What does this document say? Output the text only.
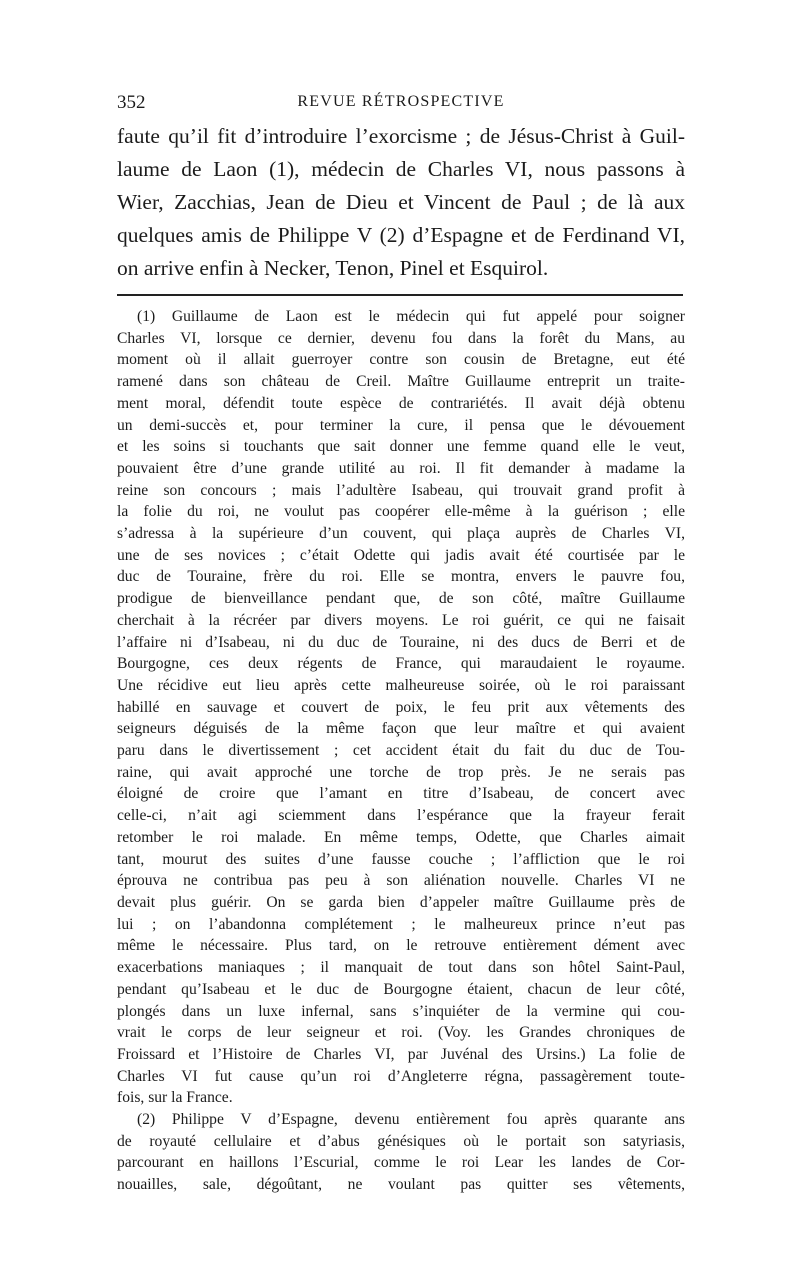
352	REVUE RÉTROSPECTIVE

faute qu’il fit d’introduire l’exorcisme ; de Jésus-Christ à Guil-
laume de Laon (1), médecin de Charles VI, nous passons à
Wier, Zacchias, Jean de Dieu et Vincent de Paul ; de là aux
quelques amis de Philippe V (2) d’Espagne et de Ferdinand VI,
on arrive enfin à Necker, Tenon, Pinel et Esquirol.

(1) Guillaume de Laon est le médecin qui fut appelé pour soigner
Charles VI, lorsque ce dernier, devenu fou dans la forêt du Mans, au
moment où il allait guerroyer contre son cousin de Bretagne, eut été
ramené dans son château de Creil. Maître Guillaume entreprit un traite-
ment moral, défendit toute espèce de contrariétés. Il avait déjà obtenu
un demi-succès et, pour terminer la cure, il pensa que le dévouement
et les soins si touchants que sait donner une femme quand elle le veut,
pouvaient être d’une grande utilité au roi. Il fit demander à madame la
reine son concours ; mais l’adultère Isabeau, qui trouvait grand profit à
la folie du roi, ne voulut pas coopérer elle-même à la guérison ; elle
s’adressa à la supérieure d’un couvent, qui plaça auprès de Charles VI,
une de ses novices ; c’était Odette qui jadis avait été courtisée par le
duc de Touraine, frère du roi. Elle se montra, envers le pauvre fou,
prodigue de bienveillance pendant que, de son côté, maître Guillaume
cherchait à la récréer par divers moyens. Le roi guérit, ce qui ne faisait
l’affaire ni d’Isabeau, ni du duc de Touraine, ni des ducs de Berri et de
Bourgogne, ces deux régents de France, qui maraudaient le royaume.
Une récidive eut lieu après cette malheureuse soirée, où le roi paraissant
habillé en sauvage et couvert de poix, le feu prit aux vêtements des
seigneurs déguisés de la même façon que leur maître et qui avaient
paru dans le divertissement ; cet accident était du fait du duc de Tou-
raine, qui avait approché une torche de trop près. Je ne serais pas
éloigné de croire que l’amant en titre d’Isabeau, de concert avec
celle-ci, n’ait agi sciemment dans l’espérance que la frayeur ferait
retomber le roi malade. En même temps, Odette, que Charles aimait
tant, mourut des suites d’une fausse couche ; l’affliction que le roi
éprouva ne contribua pas peu à son aliénation nouvelle. Charles VI ne
devait plus guérir. On se garda bien d’appeler maître Guillaume près de
lui ; on l’abandonna complétement ; le malheureux prince n’eut pas
même le nécessaire. Plus tard, on le retrouve entièrement dément avec
exacerbations maniaques ; il manquait de tout dans son hôtel Saint-Paul,
pendant qu’Isabeau et le duc de Bourgogne étaient, chacun de leur côté,
plongés dans un luxe infernal, sans s’inquiéter de la vermine qui cou-
vrait le corps de leur seigneur et roi. (Voy. les Grandes chroniques de
Froissard et l’Histoire de Charles VI, par Juvénal des Ursins.) La folie de
Charles VI fut cause qu’un roi d’Angleterre régna, passagèrement toute-
fois, sur la France.

(2) Philippe V d’Espagne, devenu entièrement fou après quarante ans
de royauté cellulaire et d’abus génésiques où le portait son satyriasis,
parcourant en haillons l’Escurial, comme le roi Lear les landes de Cor-
nouailles, sale, dégoûtant, ne voulant pas quitter ses vêtements,
